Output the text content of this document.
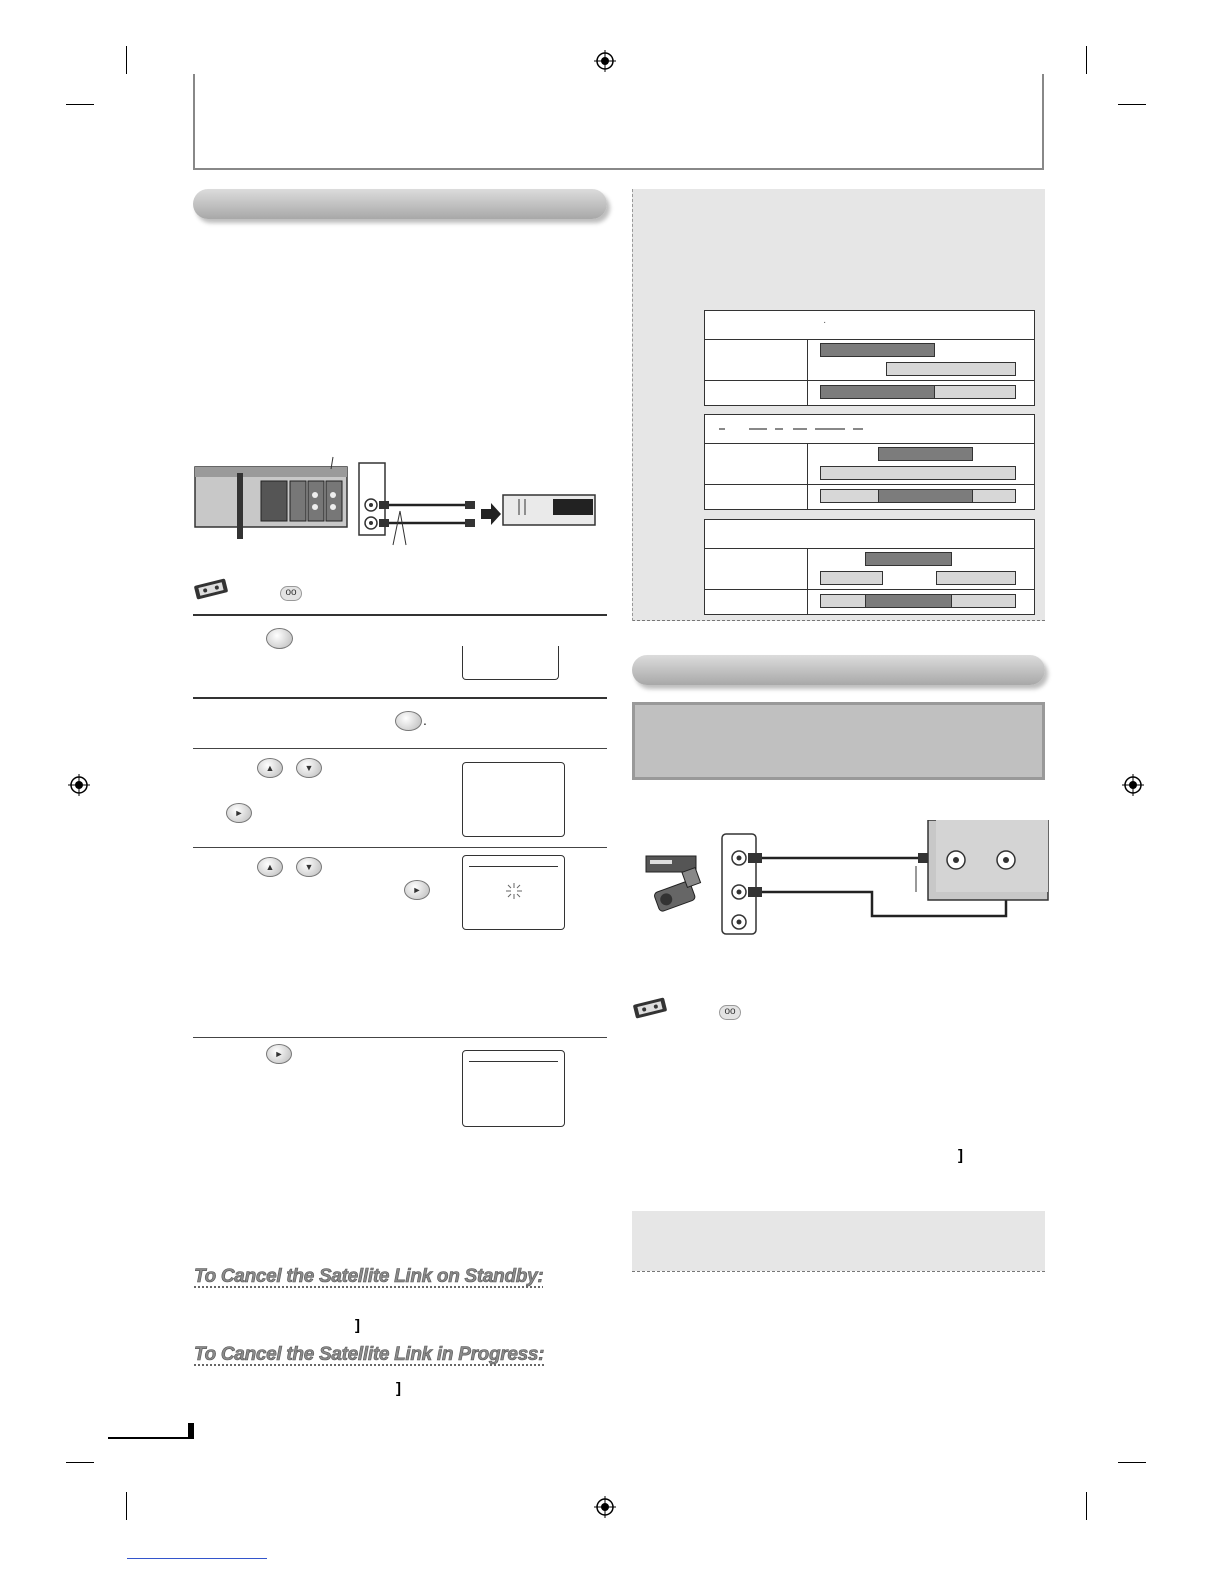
oo
.
▲	▼
►
▲	▼
►
►
To Cancel the Satellite Link on Standby:
]
To Cancel the Satellite Link in Progress:
]
·
oo
]
